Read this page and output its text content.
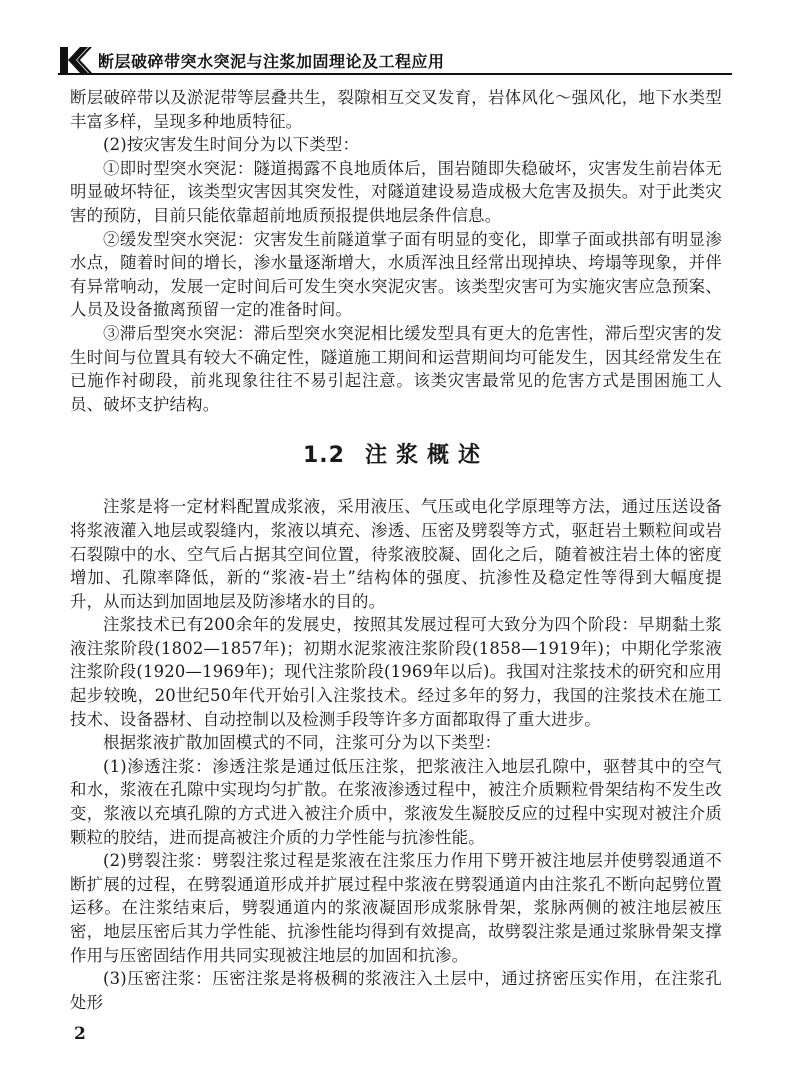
断层破碎带突水突泥与注浆加固理论及工程应用

断层破碎带以及淤泥带等层叠共生，裂隙相互交叉发育，岩体风化～强风化，地下水类型丰富多样，呈现多种地质特征。

(2)按灾害发生时间分为以下类型：

①即时型突水突泥：隧道揭露不良地质体后，围岩随即失稳破坏，灾害发生前岩体无明显破坏特征，该类型灾害因其突发性，对隧道建设易造成极大危害及损失。对于此类灾害的预防，目前只能依靠超前地质预报提供地层条件信息。

②缓发型突水突泥：灾害发生前隧道掌子面有明显的变化，即掌子面或拱部有明显渗水点，随着时间的增长，渗水量逐渐增大，水质浑浊且经常出现掉块、垮塌等现象，并伴有异常响动，发展一定时间后可发生突水突泥灾害。该类型灾害可为实施灾害应急预案、人员及设备撤离预留一定的准备时间。

③滞后型突水突泥：滞后型突水突泥相比缓发型具有更大的危害性，滞后型灾害的发生时间与位置具有较大不确定性，隧道施工期间和运营期间均可能发生，因其经常发生在已施作衬砌段，前兆现象往往不易引起注意。该类灾害最常见的危害方式是围困施工人员、破坏支护结构。

1.2 注浆概述

注浆是将一定材料配置成浆液，采用液压、气压或电化学原理等方法，通过压送设备将浆液灌入地层或裂缝内，浆液以填充、渗透、压密及劈裂等方式，驱赶岩土颗粒间或岩石裂隙中的水、空气后占据其空间位置，待浆液胶凝、固化之后，随着被注岩土体的密度增加、孔隙率降低，新的“浆液-岩土”结构体的强度、抗渗性及稳定性等得到大幅度提升，从而达到加固地层及防渗堵水的目的。

注浆技术已有200余年的发展史，按照其发展过程可大致分为四个阶段：早期黏土浆液注浆阶段(1802—1857年)；初期水泥浆液注浆阶段(1858—1919年)；中期化学浆液注浆阶段(1920—1969年)；现代注浆阶段(1969年以后)。我国对注浆技术的研究和应用起步较晚，20世纪50年代开始引入注浆技术。经过多年的努力，我国的注浆技术在施工技术、设备器材、自动控制以及检测手段等许多方面都取得了重大进步。

根据浆液扩散加固模式的不同，注浆可分为以下类型：

(1)渗透注浆：渗透注浆是通过低压注浆，把浆液注入地层孔隙中，驱替其中的空气和水，浆液在孔隙中实现均匀扩散。在浆液渗透过程中，被注介质颗粒骨架结构不发生改变，浆液以充填孔隙的方式进入被注介质中，浆液发生凝胶反应的过程中实现对被注介质颗粒的胶结，进而提高被注介质的力学性能与抗渗性能。

(2)劈裂注浆：劈裂注浆过程是浆液在注浆压力作用下劈开被注地层并使劈裂通道不断扩展的过程，在劈裂通道形成并扩展过程中浆液在劈裂通道内由注浆孔不断向起劈位置运移。在注浆结束后，劈裂通道内的浆液凝固形成浆脉骨架，浆脉两侧的被注地层被压密，地层压密后其力学性能、抗渗性能均得到有效提高，故劈裂注浆是通过浆脉骨架支撑作用与压密固结作用共同实现被注地层的加固和抗渗。

(3)压密注浆：压密注浆是将极稠的浆液注入土层中，通过挤密压实作用，在注浆孔处形

2
